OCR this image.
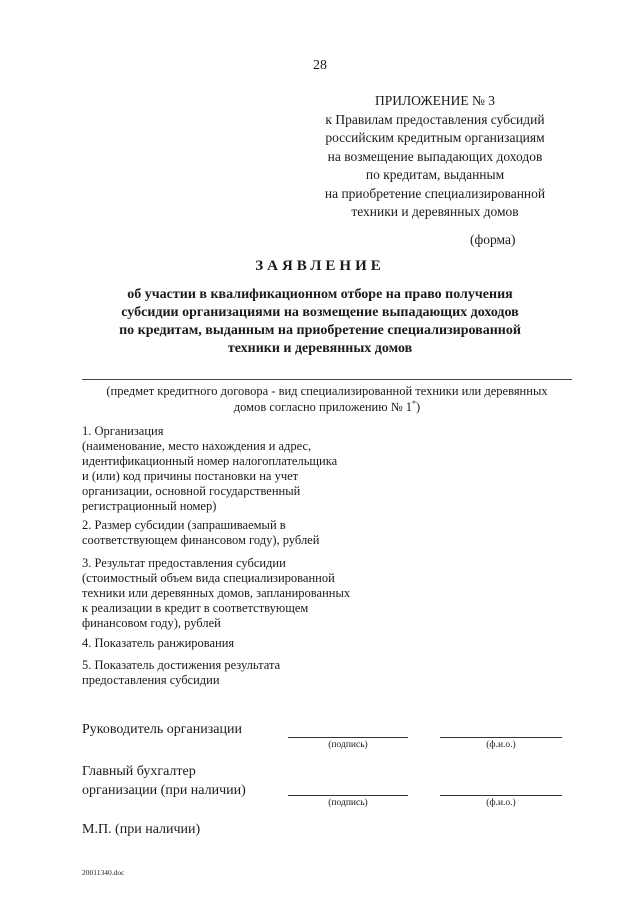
28
ПРИЛОЖЕНИЕ № 3
к Правилам предоставления субсидий
российским кредитным организациям
на возмещение выпадающих доходов
по кредитам, выданным
на приобретение специализированной
техники и деревянных домов
(форма)
ЗАЯВЛЕНИЕ
об участии в квалификационном отборе на право получения
субсидии организациями на возмещение выпадающих доходов
по кредитам, выданным на приобретение специализированной
техники и деревянных домов
(предмет кредитного договора - вид специализированной техники или деревянных
домов согласно приложению № 1*)
1. Организация
(наименование, место нахождения и адрес,
идентификационный номер налогоплательщика
и (или) код причины постановки на учет
организации, основной государственный
регистрационный номер)
2. Размер субсидии (запрашиваемый в
соответствующем финансовом году), рублей
3. Результат предоставления субсидии
(стоимостный объем вида специализированной
техники или деревянных домов, запланированных
к реализации в кредит в соответствующем
финансовом году), рублей
4. Показатель ранжирования
5. Показатель достижения результата
предоставления субсидии
Руководитель организации
(подпись)	(ф.и.о.)
Главный бухгалтер
организации (при наличии)
(подпись)	(ф.и.о.)
М.П. (при наличии)
20011340.doc
